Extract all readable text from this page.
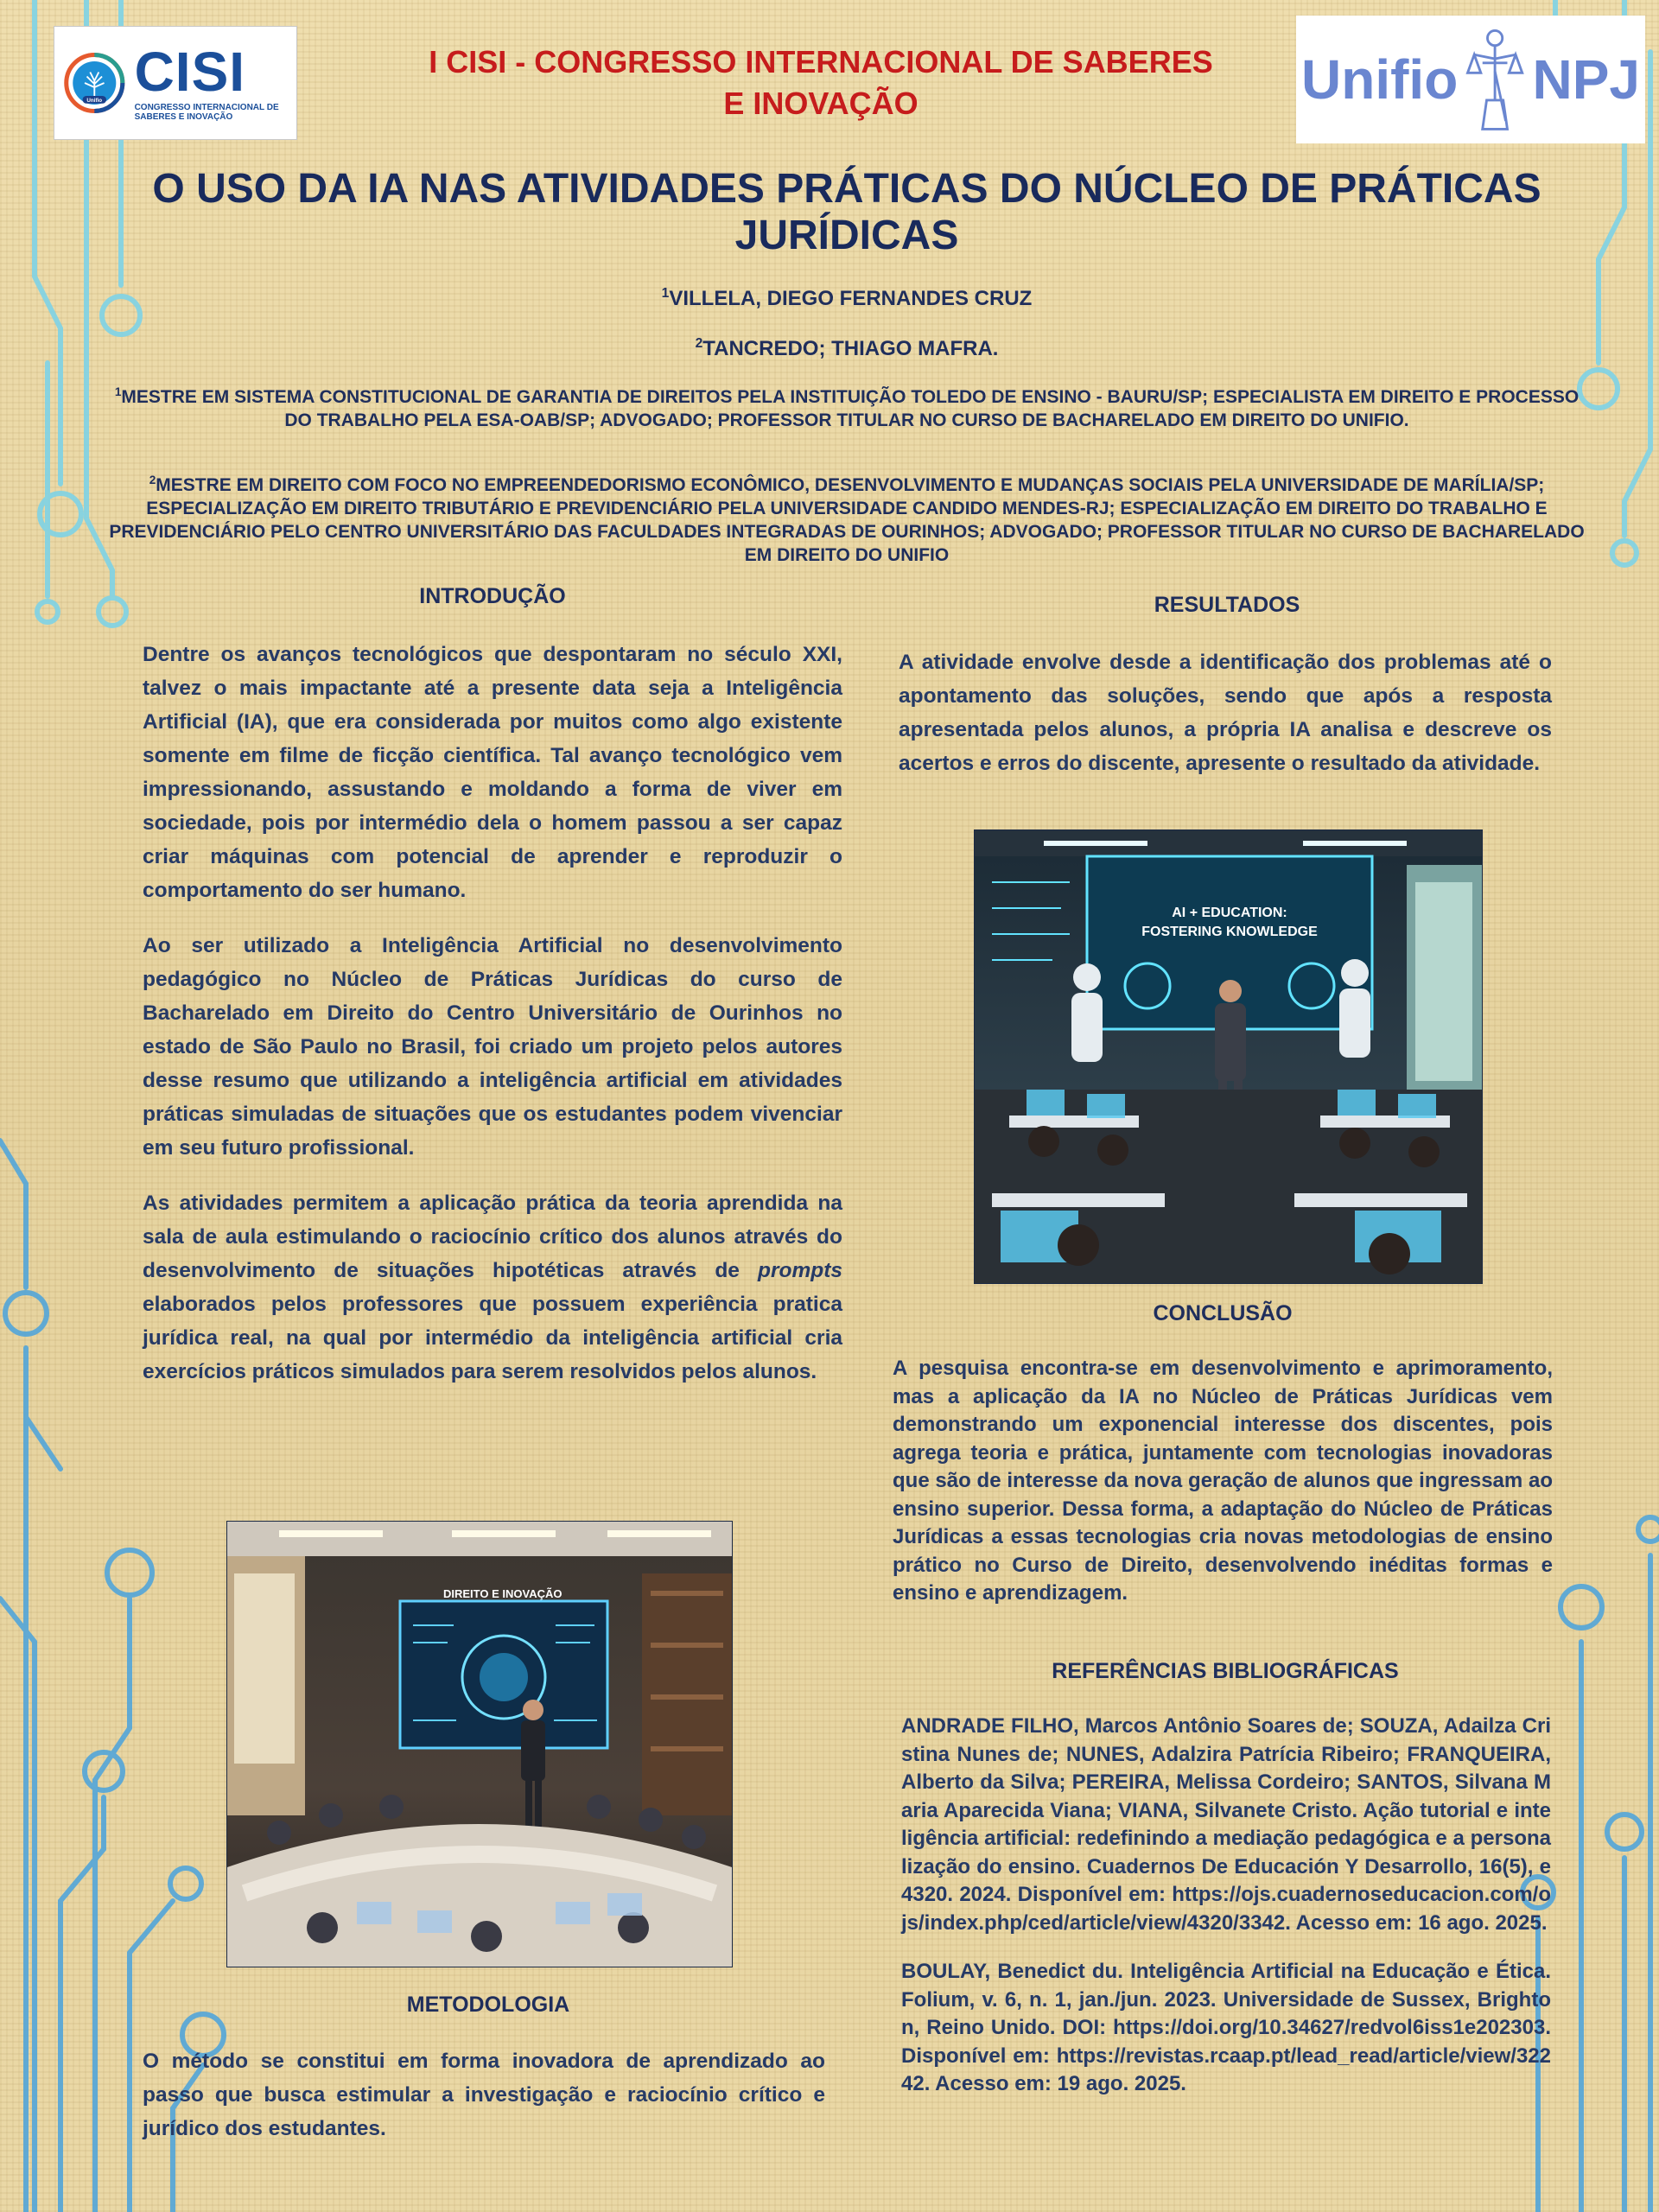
Unifio CISI
CONGRESSO INTERNACIONAL DE SABERES E INOVAÇÃO
I CISI - CONGRESSO INTERNACIONAL DE SABERES
E INOVAÇÃO	Unifio NPJ
O USO DA IA NAS ATIVIDADES PRÁTICAS DO NÚCLEO DE PRÁTICAS
JURÍDICAS
$^1$VILLELA, DIEGO FERNANDES CRUZ
$^2$TANCREDO; THIAGO MAFRA.
$^1$MESTRE EM SISTEMA CONSTITUCIONAL DE GARANTIA DE DIREITOS PELA INSTITUIÇÃO TOLEDO DE ENSINO - BAURU/SP; ESPECIALISTA EM DIREITO E PROCESSO DO TRABALHO PELA ESA-OAB/SP; ADVOGADO; PROFESSOR TITULAR NO CURSO DE BACHARELADO EM DIREITO DO UNIFIO.
$^2$MESTRE EM DIREITO COM FOCO NO EMPREENDEDORISMO ECONÔMICO, DESENVOLVIMENTO E MUDANÇAS SOCIAIS PELA UNIVERSIDADE DE MARÍLIA/SP; ESPECIALIZAÇÃO EM DIREITO TRIBUTÁRIO E PREVIDENCIÁRIO PELA UNIVERSIDADE CANDIDO MENDES-RJ; ESPECIALIZAÇÃO EM DIREITO DO TRABALHO E PREVIDENCIÁRIO PELO CENTRO UNIVERSITÁRIO DAS FACULDADES INTEGRADAS DE OURINHOS; ADVOGADO; PROFESSOR TITULAR NO CURSO DE BACHARELADO EM DIREITO DO UNIFIO
INTRODUÇÃO

Dentre os avanços tecnológicos que despontaram no século XXI, talvez o mais impactante até a presente data seja a Inteligência Artificial (IA), que era considerada por muitos como algo existente somente em filme de ficção científica. Tal avanço tecnológico vem impressionando, assustando e moldando a forma de viver em sociedade, pois por intermédio dela o homem passou a ser capaz criar máquinas com potencial de aprender e reproduzir o comportamento do ser humano.

Ao ser utilizado a Inteligência Artificial no desenvolvimento pedagógico no Núcleo de Práticas Jurídicas do curso de Bacharelado em Direito do Centro Universitário de Ourinhos no estado de São Paulo no Brasil, foi criado um projeto pelos autores desse resumo que utilizando a inteligência artificial em atividades práticas simuladas de situações que os estudantes podem vivenciar em seu futuro profissional.

As atividades permitem a aplicação prática da teoria aprendida na sala de aula estimulando o raciocínio crítico dos alunos através do desenvolvimento de situações hipotéticas através de prompts elaborados pelos professores que possuem experiência pratica jurídica real, na qual por intermédio da inteligência artificial cria exercícios práticos simulados para serem resolvidos pelos alunos.

DIREITO E INOVAÇÃO
METODOLOGIA

O método se constitui em forma inovadora de aprendizado ao passo que busca estimular a investigação e raciocínio crítico e jurídico dos estudantes.

RESULTADOS

A atividade envolve desde a identificação dos problemas até o apontamento das soluções, sendo que após a resposta apresentada pelos alunos, a própria IA analisa e descreve os acertos e erros do discente, apresente o resultado da atividade.

AI + EDUCATION:
FOSTERING KNOWLEDGE
CONCLUSÃO

A pesquisa encontra-se em desenvolvimento e aprimoramento, mas a aplicação da IA no Núcleo de Práticas Jurídicas vem demonstrando um exponencial interesse dos discentes, pois agrega teoria e prática, juntamente com tecnologias inovadoras que são de interesse da nova geração de alunos que ingressam ao ensino superior. Dessa forma, a adaptação do Núcleo de Práticas Jurídicas a essas tecnologias cria novas metodologias de ensino prático no Curso de Direito, desenvolvendo inéditas formas e ensino e aprendizagem.

REFERÊNCIAS BIBLIOGRÁFICAS

ANDRADE FILHO, Marcos Antônio Soares de; SOUZA, Adailza Cristina Nunes de; NUNES, Adalzira Patrícia Ribeiro; FRANQUEIRA, Alberto da Silva; PEREIRA, Melissa Cordeiro; SANTOS, Silvana Maria Aparecida Viana; VIANA, Silvanete Cristo. Ação tutorial e inteligência artificial: redefinindo a mediação pedagógica e a personalização do ensino. Cuadernos De Educación Y Desarrollo, 16(5), e4320. 2024. Disponível em: https://ojs.cuadernoseducacion.com/ojs/index.php/ced/article/view/4320/3342. Acesso em: 16 ago. 2025.

BOULAY, Benedict du. Inteligência Artificial na Educação e Ética. Folium, v. 6, n. 1, jan./jun. 2023. Universidade de Sussex, Brighton, Reino Unido. DOI: https://doi.org/10.34627/redvol6iss1e202303. Disponível em: https://revistas.rcaap.pt/lead_read/article/view/32242. Acesso em: 19 ago. 2025.
